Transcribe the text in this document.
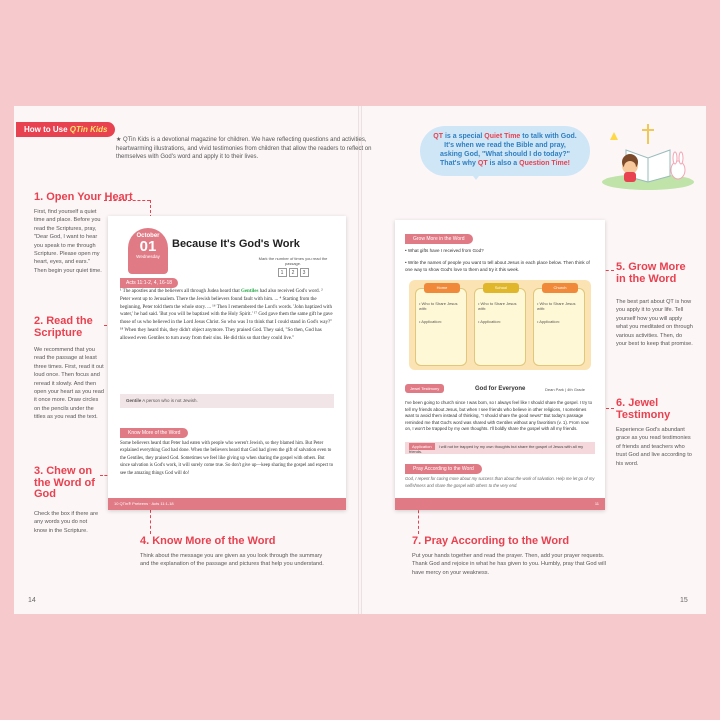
How to Use QTin Kids
★ QTin Kids is a devotional magazine for children. We have reflecting questions and activities, heartwarming illustrations, and vivid testimonies from children that allow the readers to reflect on themselves with God's word and apply it to their lives.
QT is a special Quiet Time to talk with God.
It's when we read the Bible and pray,
asking God, "What should I do today?"
That's why QT is also a Question Time!
1. Open Your Heart
First, find yourself a quiet time and place. Before you read the Scriptures, pray, "Dear God, I want to hear you speak to me through Scripture. Please open my heart, eyes, and ears." Then begin your quiet time.
2. Read the Scripture
We recommend that you read the passage at least three times. First, read it out loud once. Then focus and reread it slowly. And then open your heart as you read it once more. Draw circles on the pencils under the titles as you read the text.
3. Chew on the Word of God
Check the box if there are any words you do not know in the Scripture.
4. Know More of the Word
Think about the message you are given as you look through the summary and the explanation of the passage and pictures that help you understand.
5. Grow More in the Word
The best part about QT is how you apply it to your life. Tell yourself how you will apply what you meditated on through various activities. Then, do your best to keep that promise.
6. Jewel Testimony
Experience God's abundant grace as you read testimonies of friends and teachers who trust God and live according to his word.
7. Pray According to the Word
Put your hands together and read the prayer. Then, add your prayer requests. Thank God and rejoice in what he has given to you. Humbly, pray that God will have mercy on your weakness.
October
01
Wednesday
Because It's God's Work
Mark the number of times you read the passage.
1	2	3
Acts 11:1-2, 4, 16-18
¹ The apostles and the believers all through Judea heard that Gentiles had also received God's word. ² Peter went up to Jerusalem. There the Jewish believers found fault with him. ... ⁴ Starting from the beginning, Peter told them the whole story. ... ¹⁶ Then I remembered the Lord's words. 'John baptized with water,' he had said. 'But you will be baptized with the Holy Spirit.' ¹⁷ God gave them the same gift he gave those of us who believed in the Lord Jesus Christ. So who was I to think that I could stand in God's way?" ¹⁸ When they heard this, they didn't object anymore. They praised God. They said, "So then, God has allowed even Gentiles to turn away from their sins. He did this so that they could live."
Gentile A person who is not Jewish.
Know More of the Word
Some believers heard that Peter had eaten with people who weren't Jewish, so they blamed him. But Peter explained everything God had done. When the believers heard that God had given the gift of salvation even to the Gentiles, they praised God. Sometimes we feel like giving up when sharing the gospel with others. But since salvation is God's work, it will surely come true. So don't give up—keep sharing the gospel and expect to see the amazing things God will do!
10 QTin® Preteens · Acts 11:1-18
Grow More in the Word
• What gifts have I received from God?
• Write the names of people you want to tell about Jesus in each place below. Then think of one way to show God's love to them and try it this week.
Home
• Who to Share Jesus with:
• Application:
School
• Who to Share Jesus with:
• Application:
Church
• Who to Share Jesus with:
• Application:
Jewel Testimony	God for Everyone	Dean Park | 4th Grade
I've been going to church since I was born, so I always feel like I should share the gospel. I try to tell my friends about Jesus, but when I see friends who believe in other religions, I sometimes want to avoid them instead of thinking, "I should share the good news!" But today's passage reminded me that God's word was shared with Gentiles without any favoritism (v. 1). From now on, I won't be trapped by my own thoughts. I'll boldly share the gospel with all my friends.
Application I will not be trapped by my own thoughts but share the gospel of Jesus with all my friends.
Pray According to the Word
God, I repent for caring more about my success than about the work of salvation. Help me let go of my selfishness and share the gospel with others to the very end.
11
14	15
